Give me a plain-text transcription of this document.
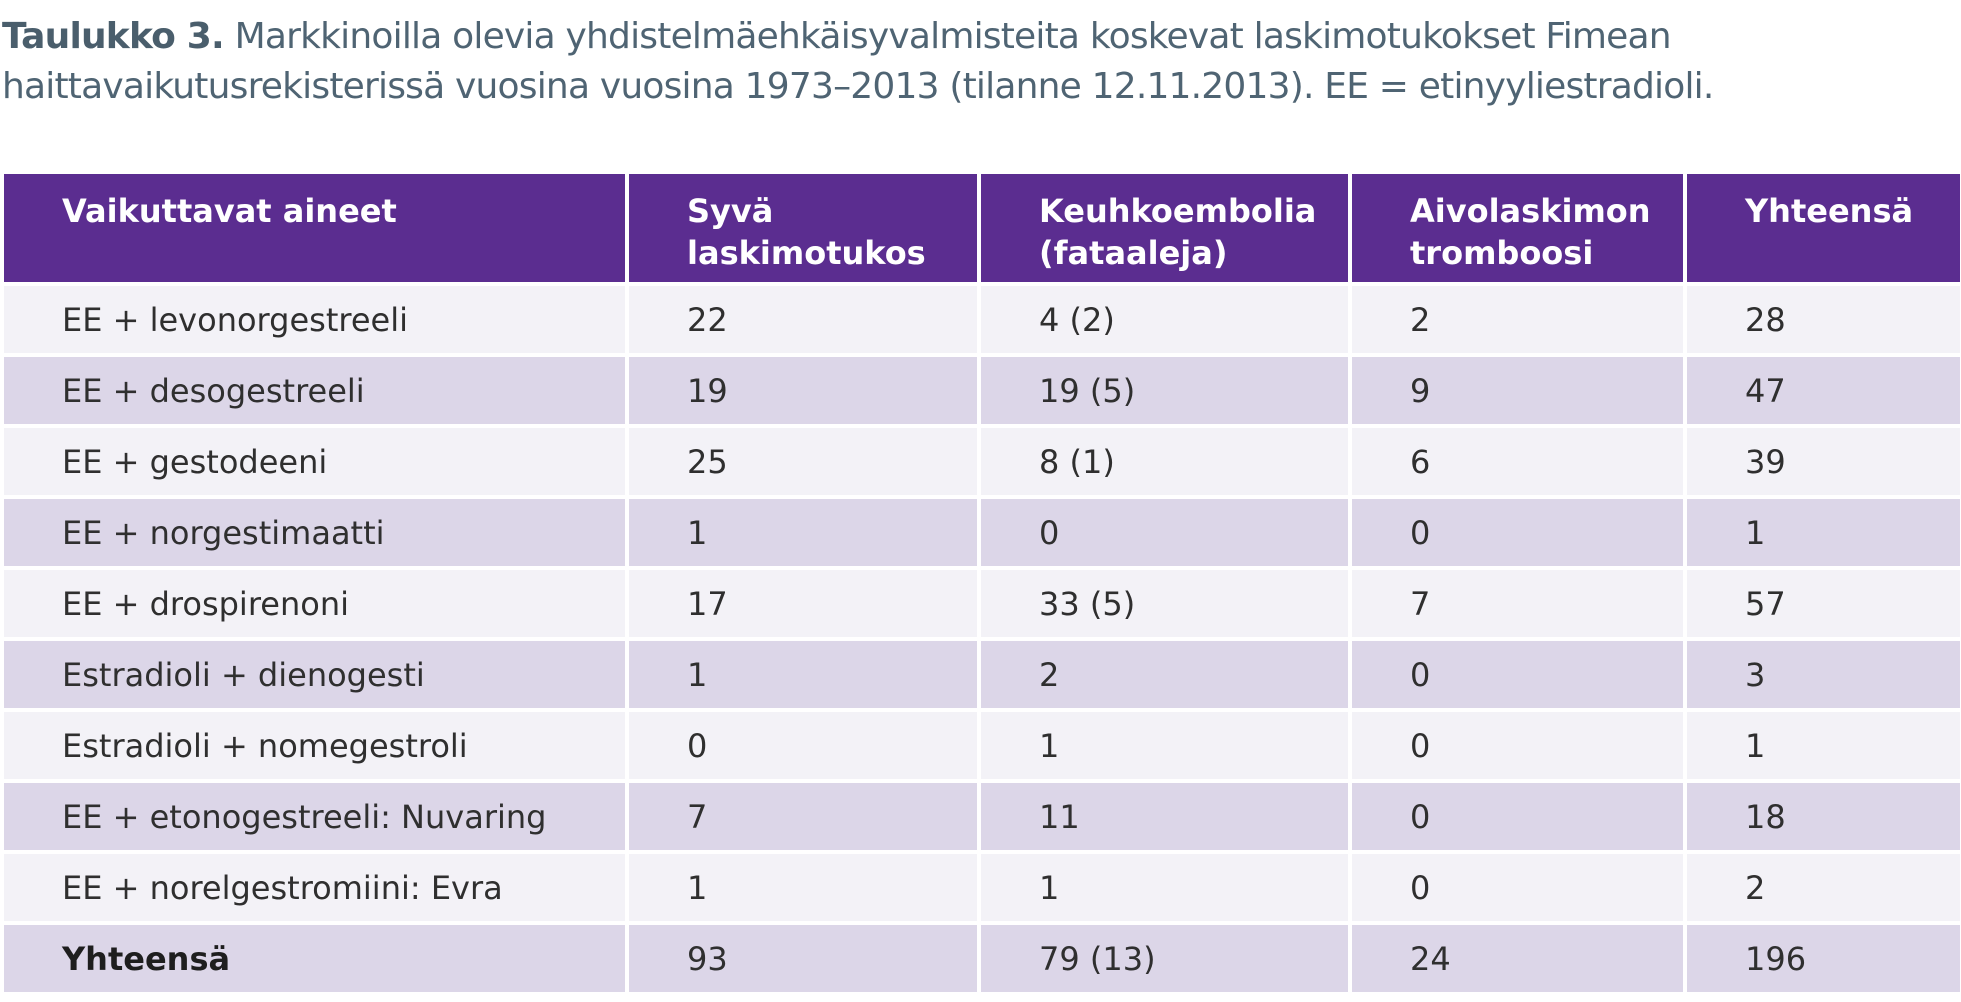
Taulukko 3. Markkinoilla olevia yhdistelmäehkäisyvalmisteita koskevat laskimotukokset Fimean haittavaikutusrekisterissä vuosina vuosina 1973–2013 (tilanne 12.11.2013). EE = etinyyliestradioli.
Vaikuttavat aineet	Syvä laskimotukos	Keuhkoembolia (fataaleja)	Aivolaskimon tromboosi	Yhteensä
EE + levonorgestreeli	22	4 (2)	2	28
EE + desogestreeli	19	19 (5)	9	47
EE + gestodeeni	25	8 (1)	6	39
EE + norgestimaatti	1	0	0	1
EE + drospirenoni	17	33 (5)	7	57
Estradioli + dienogesti	1	2	0	3
Estradioli + nomegestroli	0	1	0	1
EE + etonogestreeli: Nuvaring	7	11	0	18
EE + norelgestromiini: Evra	1	1	0	2
Yhteensä	93	79 (13)	24	196
